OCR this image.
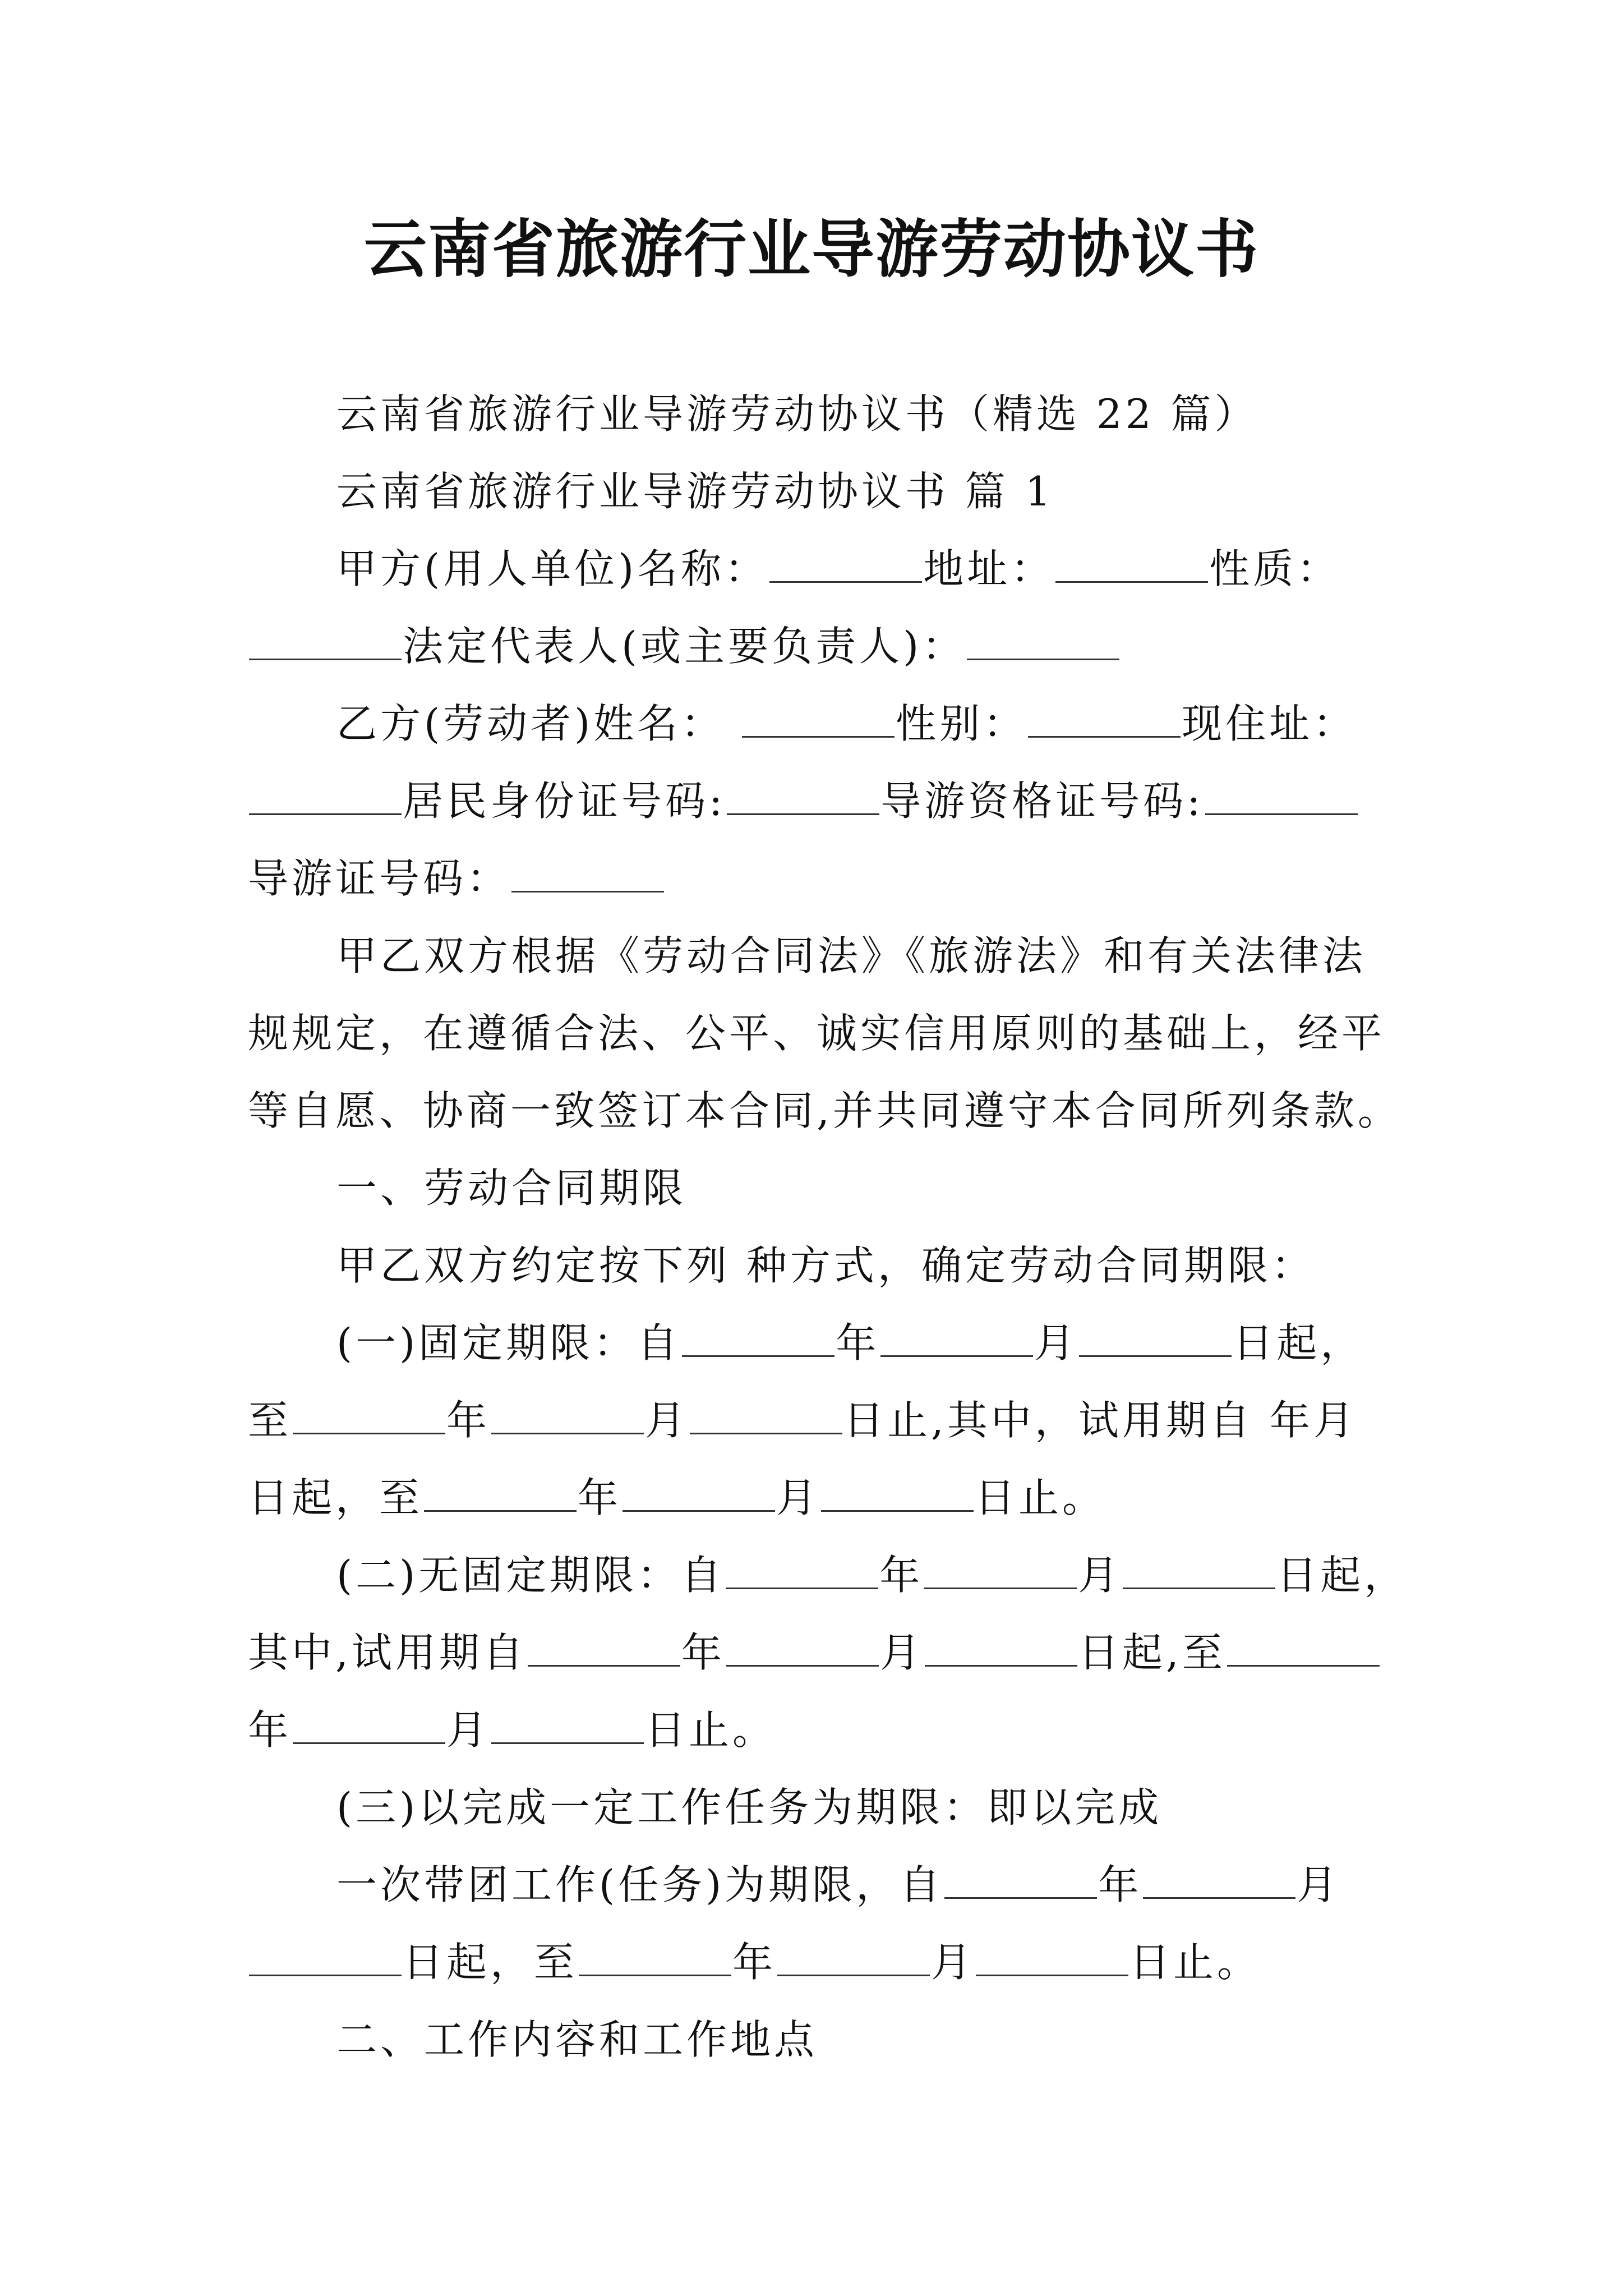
云南省旅游行业导游劳动协议书
云南省旅游行业导游劳动协议书（精选 22 篇）
云南省旅游行业导游劳动协议书 篇 1
甲方(用人单位)名称：	地址：	性质：
法定代表人(或主要负责人)：
乙方(劳动者)姓名：	性别：	现住址：
居民身份证号码:	导游资格证号码:
导游证号码：
甲乙双方根据《劳动合同法》《旅游法》和有关法律法
规规定，在遵循合法、公平、诚实信用原则的基础上，经平
等自愿、协商一致签订本合同,并共同遵守本合同所列条款。
一、劳动合同期限
甲乙双方约定按下列 种方式，确定劳动合同期限：
(一)固定期限：自	年	月	日起，
至	年	月	日止,其中，试用期自 年月
日起，至	年	月	日止。
(二)无固定期限：自	年	月	日起，
其中,试用期自	年	月	日起,至
年	月	日止。
(三)以完成一定工作任务为期限：即以完成
一次带团工作(任务)为期限，自	年	月
日起，至	年	月	日止。
二、工作内容和工作地点
